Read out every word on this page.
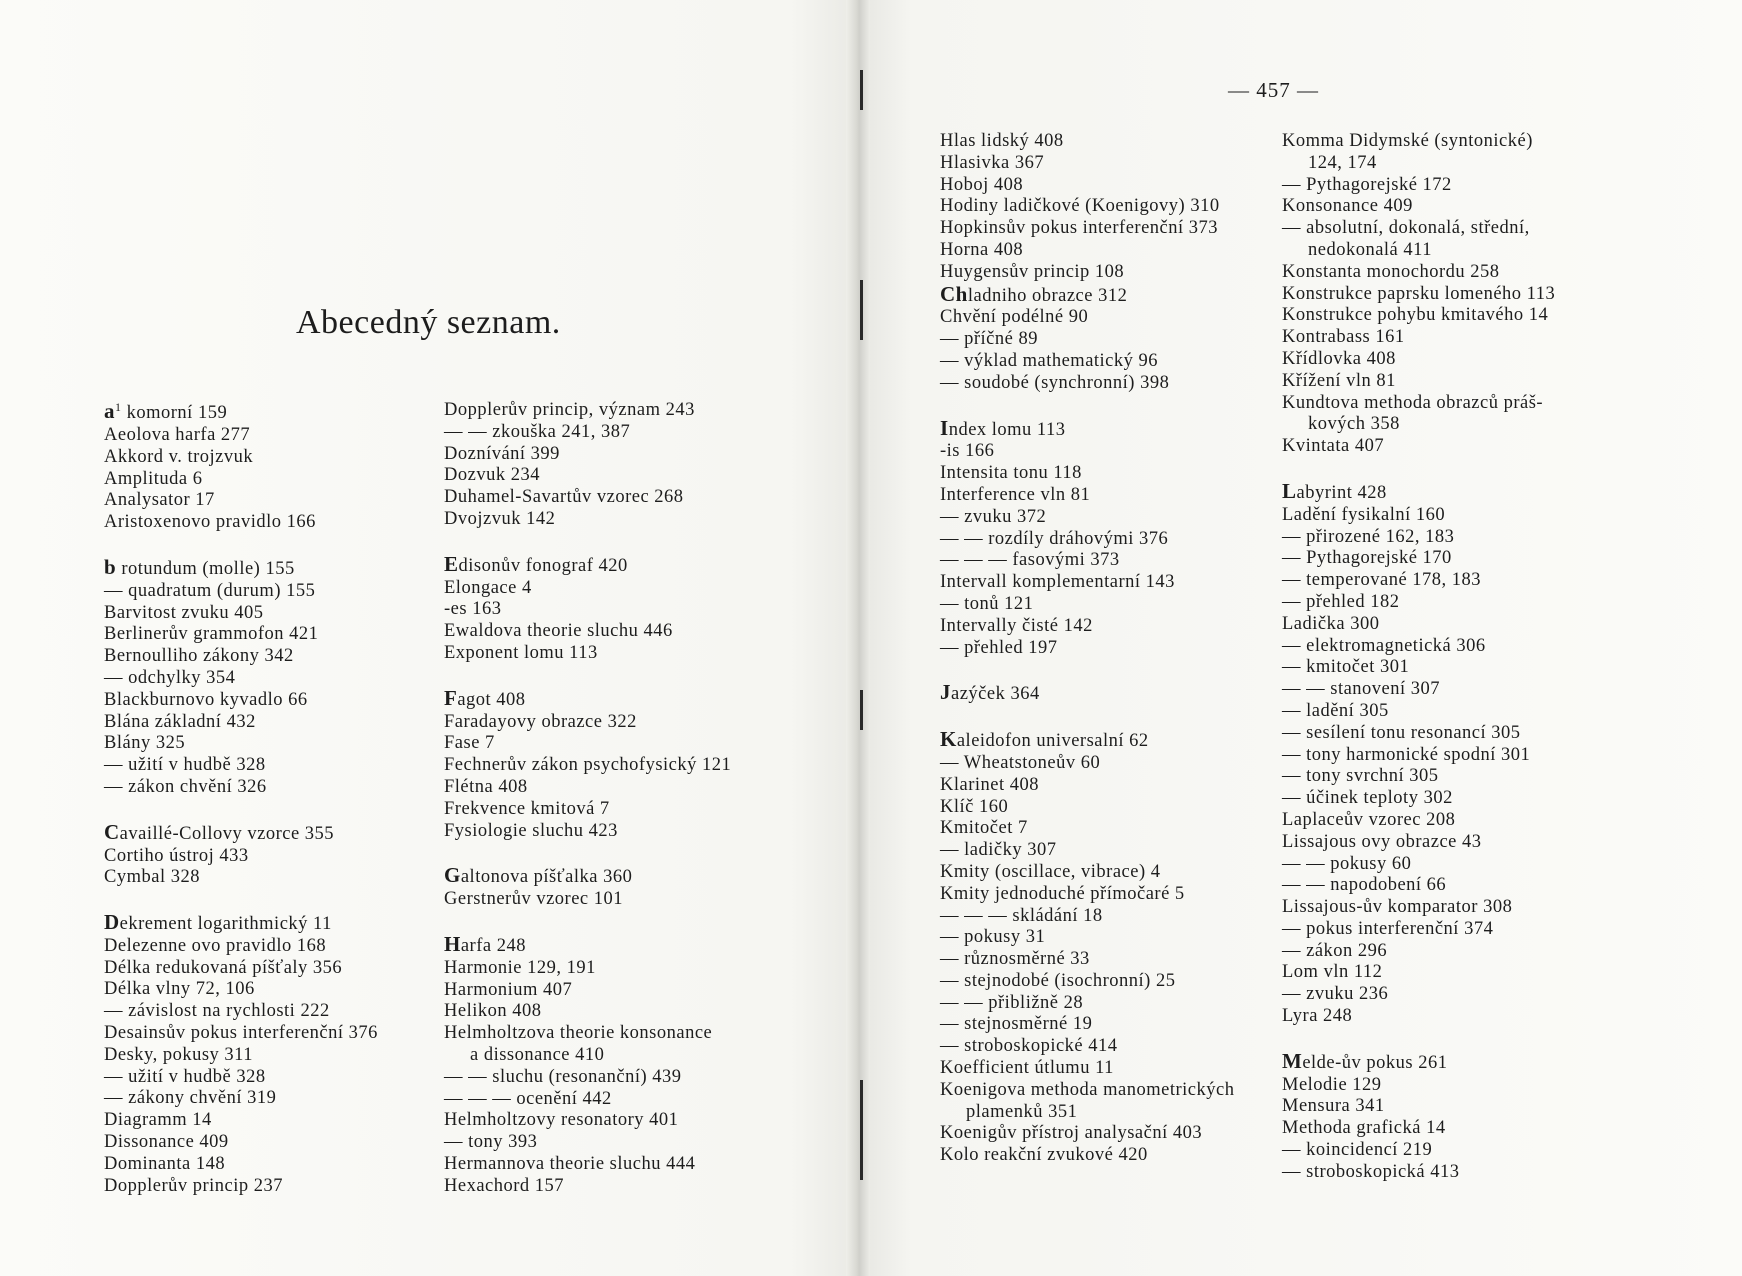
— 457 —
Abecedný seznam.
$a^1$ komorní 159
Aeolova harfa 277
Akkord v. trojzvuk
Amplituda 6
Analysator 17
Aristoxenovo pravidlo 166
b rotundum (molle) 155
— quadratum (durum) 155
Barvitost zvuku 405
Berlinerův grammofon 421
Bernoulliho zákony 342
— odchylky 354
Blackburnovo kyvadlo 66
Blána základní 432
Blány 325
— užití v hudbě 328
— zákon chvění 326
Cavaillé-Collovy vzorce 355
Cortiho ústroj 433
Cymbal 328
Dekrement logarithmický 11
Delezenne ovo pravidlo 168
Délka redukovaná píšťaly 356
Délka vlny 72, 106
— závislost na rychlosti 222
Desainsův pokus interferenční 376
Desky, pokusy 311
— užití v hudbě 328
— zákony chvění 319
Diagramm 14
Dissonance 409
Dominanta 148
Dopplerův princip 237
Dopplerův princip, význam 243
— — zkouška 241, 387
Doznívání 399
Dozvuk 234
Duhamel-Savartův vzorec 268
Dvojzvuk 142
Edisonův fonograf 420
Elongace 4
-es 163
Ewaldova theorie sluchu 446
Exponent lomu 113
Fagot 408
Faradayovy obrazce 322
Fase 7
Fechnerův zákon psychofysický 121
Flétna 408
Frekvence kmitová 7
Fysiologie sluchu 423
Galtonova píšťalka 360
Gerstnerův vzorec 101
Harfa 248
Harmonie 129, 191
Harmonium 407
Helikon 408
Helmholtzova theorie konsonance
a dissonance 410
— — sluchu (resonanční) 439
— — — ocenění 442
Helmholtzovy resonatory 401
— tony 393
Hermannova theorie sluchu 444
Hexachord 157
Hlas lidský 408
Hlasivka 367
Hoboj 408
Hodiny ladičkové (Koenigovy) 310
Hopkinsův pokus interferenční 373
Horna 408
Huygensův princip 108
Chladniho obrazce 312
Chvění podélné 90
— příčné 89
— výklad mathematický 96
— soudobé (synchronní) 398
Index lomu 113
-is 166
Intensita tonu 118
Interference vln 81
— zvuku 372
— — rozdíly dráhovými 376
— — — fasovými 373
Intervall komplementarní 143
— tonů 121
Intervally čisté 142
— přehled 197
Jazýček 364
Kaleidofon universalní 62
— Wheatstoneův 60
Klarinet 408
Klíč 160
Kmitočet 7
— ladičky 307
Kmity (oscillace, vibrace) 4
Kmity jednoduché přímočaré 5
— — — skládání 18
— pokusy 31
— různosměrné 33
— stejnodobé (isochronní) 25
— — přibližně 28
— stejnosměrné 19
— stroboskopické 414
Koefficient útlumu 11
Koenigova methoda manometrických
plamenků 351
Koenigův přístroj analysační 403
Kolo reakční zvukové 420
Komma Didymské (syntonické)
124, 174
— Pythagorejské 172
Konsonance 409
— absolutní, dokonalá, střední,
nedokonalá 411
Konstanta monochordu 258
Konstrukce paprsku lomeného 113
Konstrukce pohybu kmitavého 14
Kontrabass 161
Křídlovka 408
Křížení vln 81
Kundtova methoda obrazců práš-
kových 358
Kvintata 407
Labyrint 428
Ladění fysikalní 160
— přirozené 162, 183
— Pythagorejské 170
— temperované 178, 183
— přehled 182
Ladička 300
— elektromagnetická 306
— kmitočet 301
— — stanovení 307
— ladění 305
— sesílení tonu resonancí 305
— tony harmonické spodní 301
— tony svrchní 305
— účinek teploty 302
Laplaceův vzorec 208
Lissajous ovy obrazce 43
— — pokusy 60
— — napodobení 66
Lissajous-ův komparator 308
— pokus interferenční 374
— zákon 296
Lom vln 112
— zvuku 236
Lyra 248
Melde-ův pokus 261
Melodie 129
Mensura 341
Methoda grafická 14
— koincidencí 219
— stroboskopická 413
